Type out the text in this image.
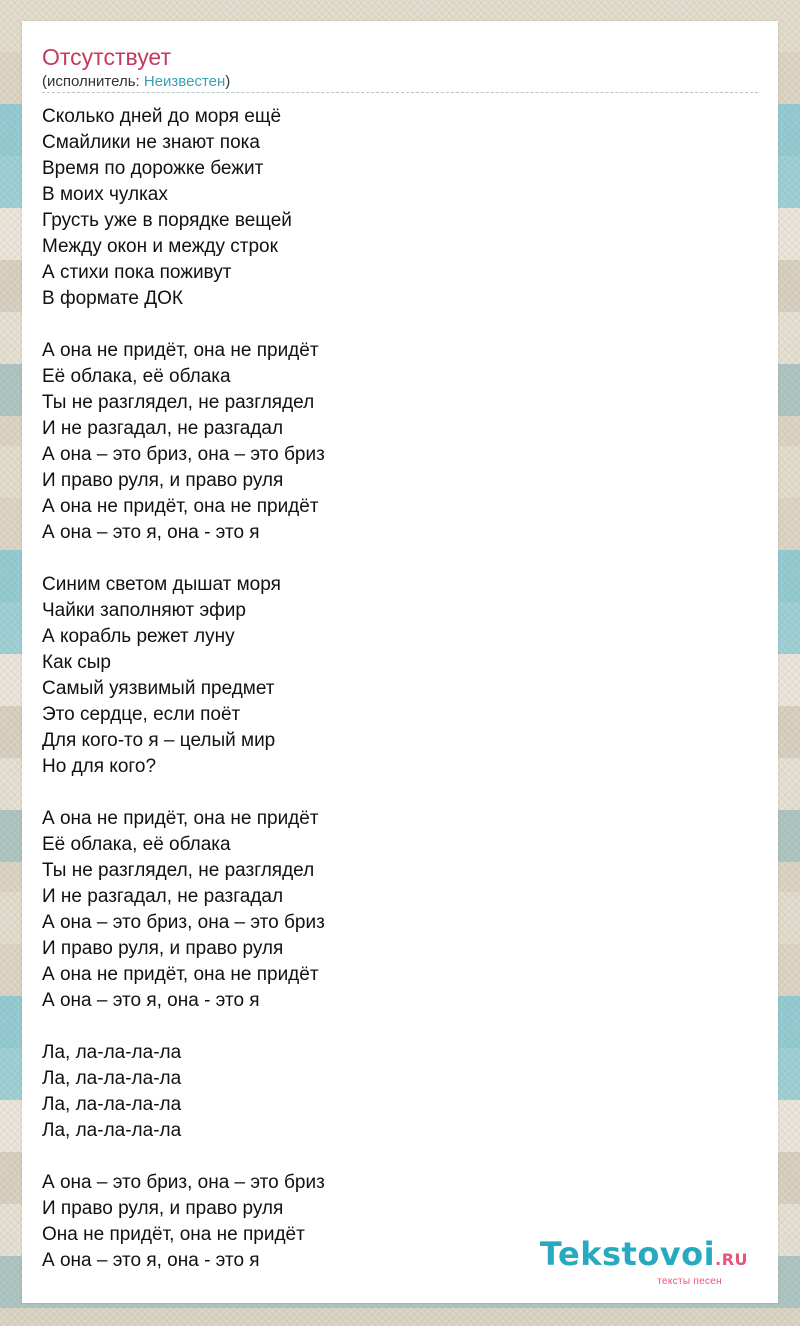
Отсутствует
(исполнитель: Неизвестен)
Сколько дней до моря ещё
Смайлики не знают пока
Время по дорожке бежит
В моих чулках
Грусть уже в порядке вещей
Между окон и между строк
А стихи пока поживут
В формате ДОК
А она не придёт, она не придёт
Её облака, её облака
Ты не разглядел, не разглядел
И не разгадал, не разгадал
А она – это бриз, она – это бриз
И право руля, и право руля
А она не придёт, она не придёт
А она – это я, она - это я
Синим светом дышат моря
Чайки заполняют эфир
А корабль режет луну
Как сыр
Самый уязвимый предмет
Это сердце, если поёт
Для кого-то я – целый мир
Но для кого?
А она не придёт, она не придёт
Её облака, её облака
Ты не разглядел, не разглядел
И не разгадал, не разгадал
А она – это бриз, она – это бриз
И право руля, и право руля
А она не придёт, она не придёт
А она – это я, она - это я
Ла, ла-ла-ла-ла
Ла, ла-ла-ла-ла
Ла, ла-ла-ла-ла
Ла, ла-ла-ла-ла
А она – это бриз, она – это бриз
И право руля, и право руля
Она не придёт, она не придёт
А она – это я, она - это я	Tekstovoi.RU
тексты песен
